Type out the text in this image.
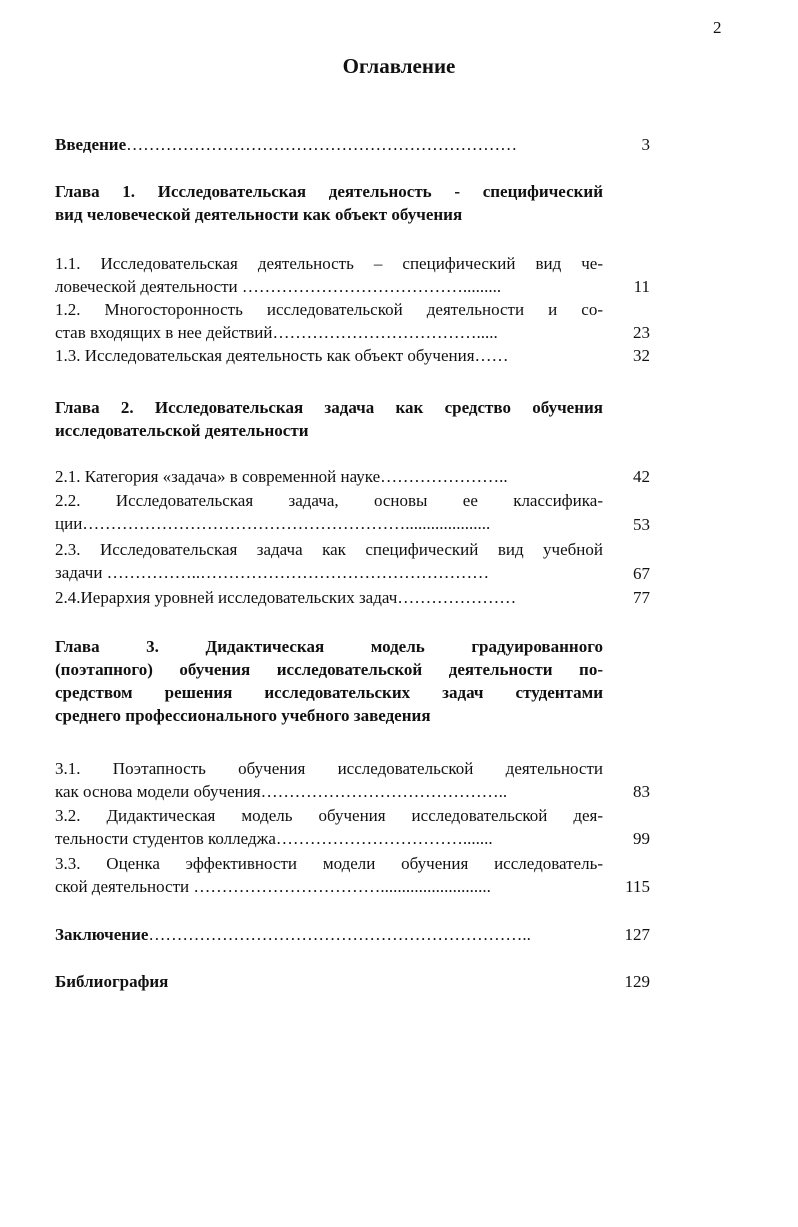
2
Оглавление
Введение……………………………………………………………	3
Глава 1. Исследовательская деятельность - специфический
вид человеческой деятельности как объект обучения
1.1. Исследовательская деятельность – специфический вид че-
ловеческой деятельности ………………………………….........	11
1.2. Многосторонность исследовательской деятельности и со-
став входящих в нее действий……………………………….....	23
1.3. Исследовательская деятельность как объект обучения……	32
Глава 2. Исследовательская задача как средство обучения
исследовательской деятельности
2.1. Категория «задача» в современной науке…………………..	42
2.2. Исследовательская задача, основы ее классифика-
ции…………………………………………………....................	53
2.3. Исследовательская задача как специфический вид учебной
задачи ……………..……………………………………………	67
2.4.Иерархия уровней исследовательских задач…………………	77
Глава 3. Дидактическая модель градуированного
(поэтапного) обучения исследовательской деятельности по-
средством решения исследовательских задач студентами
среднего профессионального учебного заведения
3.1. Поэтапность обучения исследовательской деятельности
как основа модели обучения……………………………………..	83
3.2. Дидактическая модель обучения исследовательской дея-
тельности студентов колледжа…………………………….......	99
3.3. Оценка эффективности модели обучения исследователь-
ской деятельности ……………………………..........................	115
Заключение…………………………………………………………..	127
Библиография	129
